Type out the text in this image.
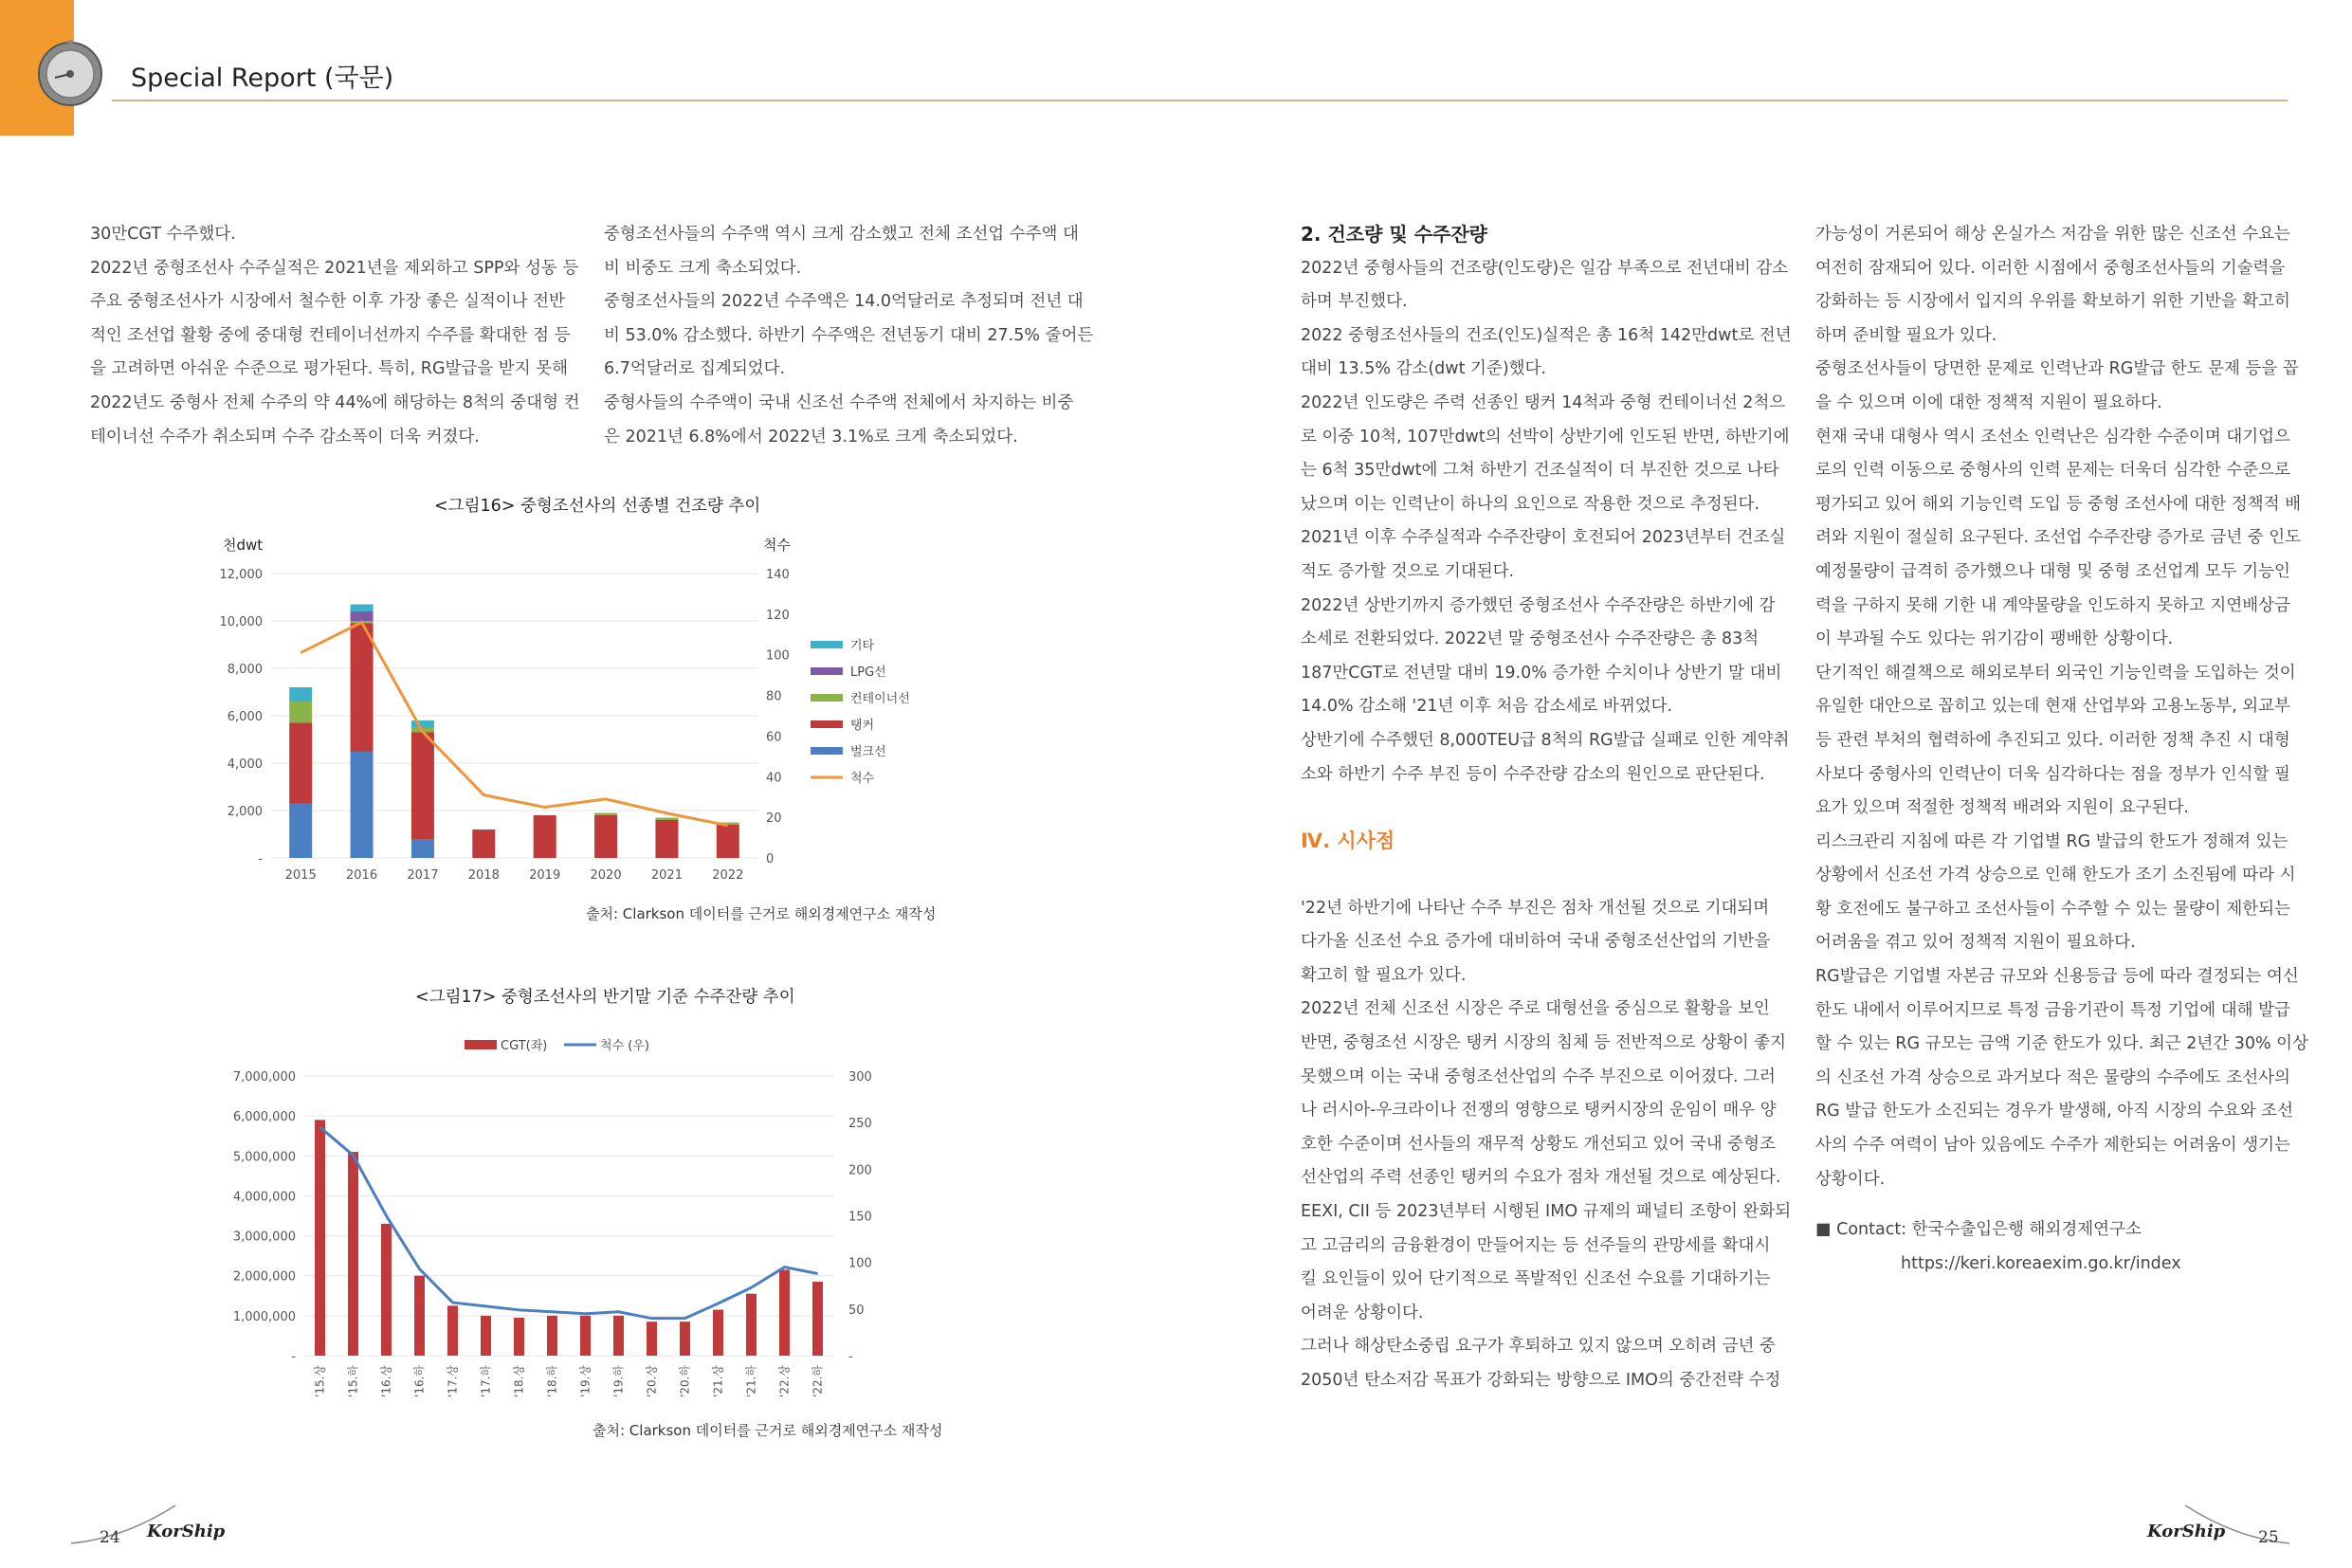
Special Report (국문)

30만CGT 수주했다.

2022년 중형조선사 수주실적은 2021년을 제외하고 SPP와 성동 등

주요 중형조선사가 시장에서 철수한 이후 가장 좋은 실적이나 전반

적인 조선업 활황 중에 중대형 컨테이너선까지 수주를 확대한 점 등

을 고려하면 아쉬운 수준으로 평가된다. 특히, RG발급을 받지 못해

2022년도 중형사 전체 수주의 약 44%에 해당하는 8척의 중대형 컨

테이너선 수주가 취소되며 수주 감소폭이 더욱 커졌다.

중형조선사들의 수주액 역시 크게 감소했고 전체 조선업 수주액 대

비 비중도 크게 축소되었다.

중형조선사들의 2022년 수주액은 14.0억달러로 추정되며 전년 대

비 53.0% 감소했다. 하반기 수주액은 전년동기 대비 27.5% 줄어든

6.7억달러로 집계되었다.

중형사들의 수주액이 국내 신조선 수주액 전체에서 차지하는 비중

은 2021년 6.8%에서 2022년 3.1%로 크게 축소되었다.

2. 건조량 및 수주잔량

2022년 중형사들의 건조량(인도량)은 일감 부족으로 전년대비 감소

하며 부진했다.

2022 중형조선사들의 건조(인도)실적은 총 16척 142만dwt로 전년

대비 13.5% 감소(dwt 기준)했다.

2022년 인도량은 주력 선종인 탱커 14척과 중형 컨테이너선 2척으

로 이중 10척, 107만dwt의 선박이 상반기에 인도된 반면, 하반기에

는 6척 35만dwt에 그쳐 하반기 건조실적이 더 부진한 것으로 나타

났으며 이는 인력난이 하나의 요인으로 작용한 것으로 추정된다.

2021년 이후 수주실적과 수주잔량이 호전되어 2023년부터 건조실

적도 증가할 것으로 기대된다.

2022년 상반기까지 증가했던 중형조선사 수주잔량은 하반기에 감

소세로 전환되었다. 2022년 말 중형조선사 수주잔량은 총 83척

187만CGT로 전년말 대비 19.0% 증가한 수치이나 상반기 말 대비

14.0% 감소해 '21년 이후 처음 감소세로 바뀌었다.

상반기에 수주했던 8,000TEU급 8척의 RG발급 실패로 인한 계약취

소와 하반기 수주 부진 등이 수주잔량 감소의 원인으로 판단된다.

Ⅳ. 시사점

'22년 하반기에 나타난 수주 부진은 점차 개선될 것으로 기대되며

다가올 신조선 수요 증가에 대비하여 국내 중형조선산업의 기반을

확고히 할 필요가 있다.

2022년 전체 신조선 시장은 주로 대형선을 중심으로 활황을 보인

반면, 중형조선 시장은 탱커 시장의 침체 등 전반적으로 상황이 좋지

못했으며 이는 국내 중형조선산업의 수주 부진으로 이어졌다. 그러

나 러시아-우크라이나 전쟁의 영향으로 탱커시장의 운임이 매우 양

호한 수준이며 선사들의 재무적 상황도 개선되고 있어 국내 중형조

선산업의 주력 선종인 탱커의 수요가 점차 개선될 것으로 예상된다.

EEXI, CII 등 2023년부터 시행된 IMO 규제의 패널티 조항이 완화되

고 고금리의 금융환경이 만들어지는 등 선주들의 관망세를 확대시

킬 요인들이 있어 단기적으로 폭발적인 신조선 수요를 기대하기는

어려운 상황이다.

그러나 해상탄소중립 요구가 후퇴하고 있지 않으며 오히려 금년 중

2050년 탄소저감 목표가 강화되는 방향으로 IMO의 중간전략 수정

가능성이 거론되어 해상 온실가스 저감을 위한 많은 신조선 수요는

여전히 잠재되어 있다. 이러한 시점에서 중형조선사들의 기술력을

강화하는 등 시장에서 입지의 우위를 확보하기 위한 기반을 확고히

하며 준비할 필요가 있다.

중형조선사들이 당면한 문제로 인력난과 RG발급 한도 문제 등을 꼽

을 수 있으며 이에 대한 정책적 지원이 필요하다.

현재 국내 대형사 역시 조선소 인력난은 심각한 수준이며 대기업으

로의 인력 이동으로 중형사의 인력 문제는 더욱더 심각한 수준으로

평가되고 있어 해외 기능인력 도입 등 중형 조선사에 대한 정책적 배

려와 지원이 절실히 요구된다. 조선업 수주잔량 증가로 금년 중 인도

예정물량이 급격히 증가했으나 대형 및 중형 조선업계 모두 기능인

력을 구하지 못해 기한 내 계약물량을 인도하지 못하고 지연배상금

이 부과될 수도 있다는 위기감이 팽배한 상황이다.

단기적인 해결책으로 해외로부터 외국인 기능인력을 도입하는 것이

유일한 대안으로 꼽히고 있는데 현재 산업부와 고용노동부, 외교부

등 관련 부처의 협력하에 추진되고 있다. 이러한 정책 추진 시 대형

사보다 중형사의 인력난이 더욱 심각하다는 점을 정부가 인식할 필

요가 있으며 적절한 정책적 배려와 지원이 요구된다.

리스크관리 지침에 따른 각 기업별 RG 발급의 한도가 정해져 있는

상황에서 신조선 가격 상승으로 인해 한도가 조기 소진됨에 따라 시

황 호전에도 불구하고 조선사들이 수주할 수 있는 물량이 제한되는

어려움을 겪고 있어 정책적 지원이 필요하다.

RG발급은 기업별 자본금 규모와 신용등급 등에 따라 결정되는 여신

한도 내에서 이루어지므로 특정 금융기관이 특정 기업에 대해 발급

할 수 있는 RG 규모는 금액 기준 한도가 있다. 최근 2년간 30% 이상

의 신조선 가격 상승으로 과거보다 적은 물량의 수주에도 조선사의

RG 발급 한도가 소진되는 경우가 발생해, 아직 시장의 수요와 조선

사의 수주 여력이 남아 있음에도 수주가 제한되는 어려움이 생기는

상황이다.

■ Contact: 한국수출입은행 해외경제연구소

https://keri.koreaexim.go.kr/index

<그림16> 중형조선사의 선종별 건조량 추이
천dwt	척수
-
2,000
4,000
6,000
8,000
10,000
12,000
0
20
40
60
80
100
120
140
2015 2016 2017 2018 2019 2020 2021 2022
기타
LPG선
컨테이너선
탱커
벌크선
척수
출처: Clarkson 데이터를 근거로 해외경제연구소 재작성
<그림17> 중형조선사의 반기말 기준 수주잔량 추이
CGT(좌)	척수 (우)
-
1,000,000
2,000,000
3,000,000
4,000,000
5,000,000
6,000,000
7,000,000
-
50
100
150
200
250
300
'15.상 '15.하 '16.상 '16.하 '17.상 '17.하 '18.상 '18.하 '19.상 '19.하 '20.상 '20.하 '21.상 '21.하 '22.상 '22.하
출처: Clarkson 데이터를 근거로 해외경제연구소 재작성
24 KorShip	KorShip 25
